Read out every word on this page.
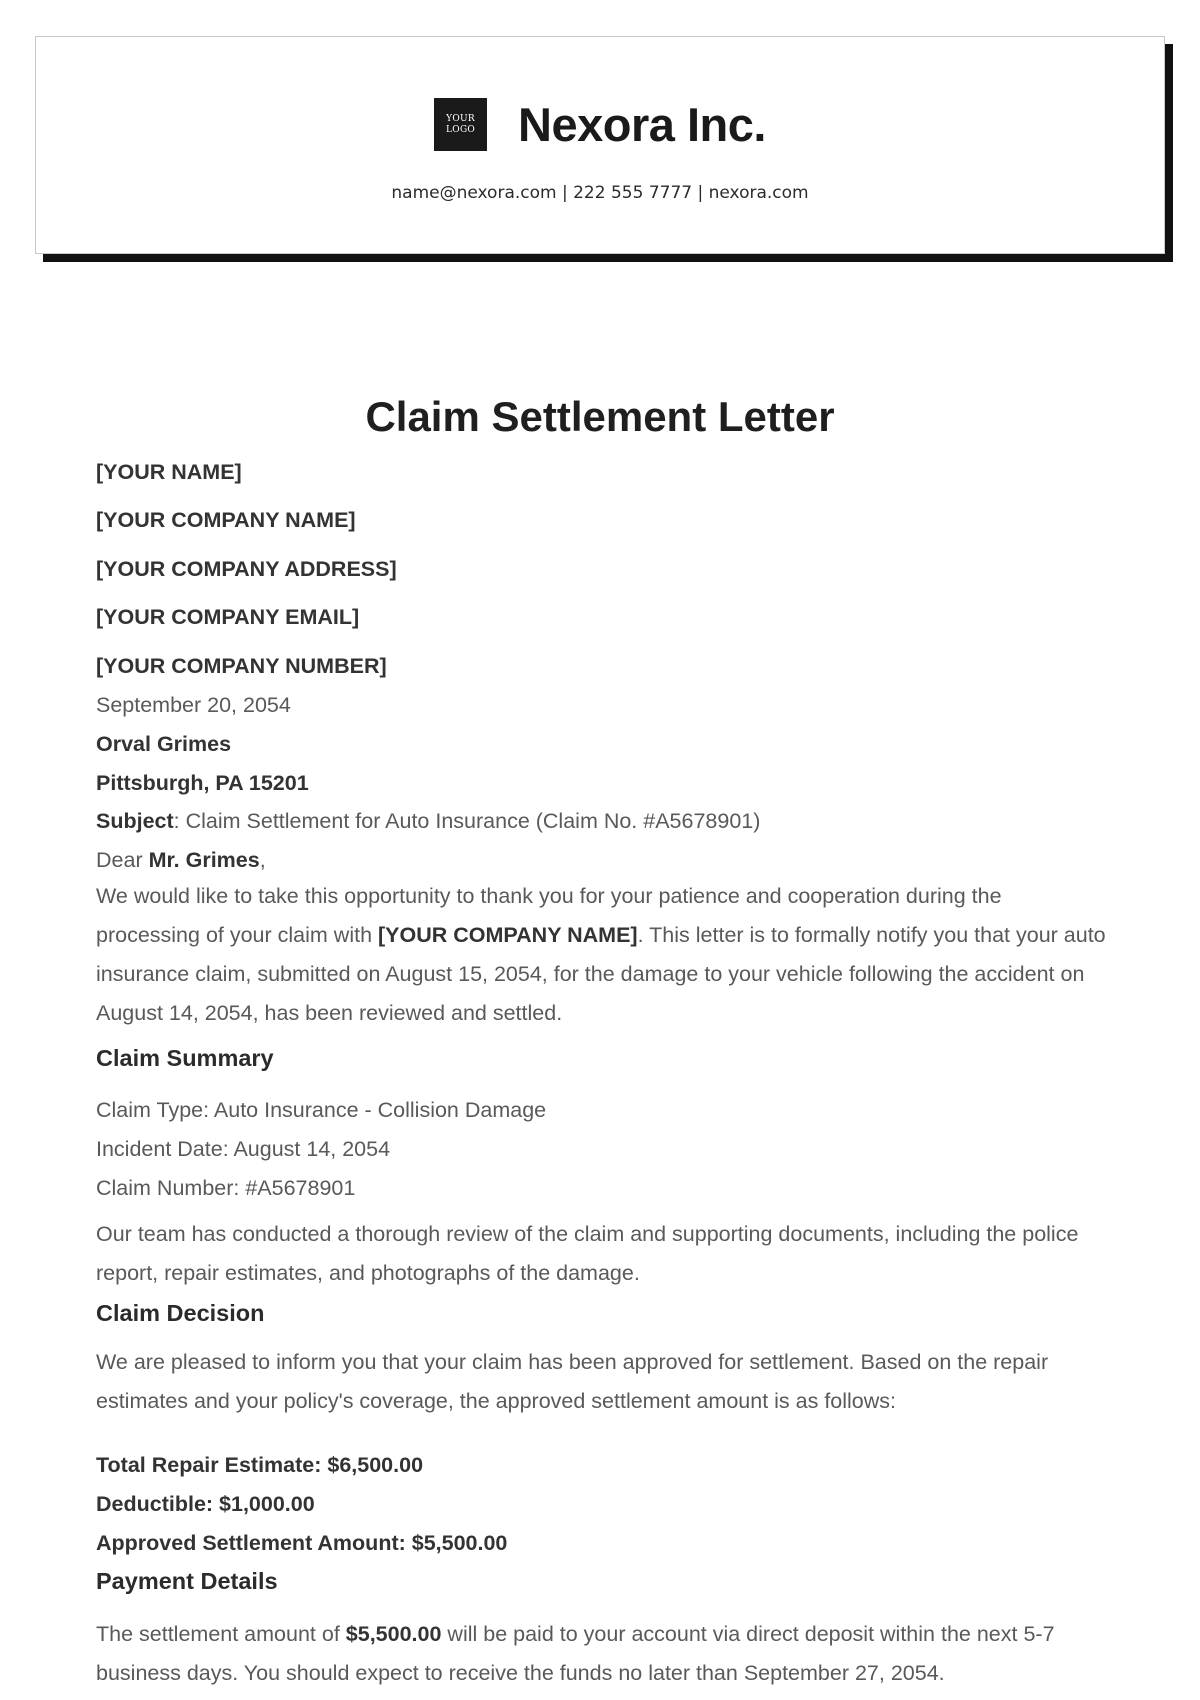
YOUR
LOGO Nexora Inc.
name@nexora.com | 222 555 7777 | nexora.com
Claim Settlement Letter
[YOUR NAME]
[YOUR COMPANY NAME]
[YOUR COMPANY ADDRESS]
[YOUR COMPANY EMAIL]
[YOUR COMPANY NUMBER]
September 20, 2054
Orval Grimes
Pittsburgh, PA 15201
Subject: Claim Settlement for Auto Insurance (Claim No. #A5678901)
Dear Mr. Grimes,
We would like to take this opportunity to thank you for your patience and cooperation during the processing of your claim with [YOUR COMPANY NAME]. This letter is to formally notify you that your auto insurance claim, submitted on August 15, 2054, for the damage to your vehicle following the accident on August 14, 2054, has been reviewed and settled.
Claim Summary
Claim Type: Auto Insurance - Collision Damage
Incident Date: August 14, 2054
Claim Number: #A5678901
Our team has conducted a thorough review of the claim and supporting documents, including the police report, repair estimates, and photographs of the damage.
Claim Decision
We are pleased to inform you that your claim has been approved for settlement. Based on the repair estimates and your policy's coverage, the approved settlement amount is as follows:
Total Repair Estimate: $6,500.00
Deductible: $1,000.00
Approved Settlement Amount: $5,500.00
Payment Details
The settlement amount of $5,500.00 will be paid to your account via direct deposit within the next 5-7 business days. You should expect to receive the funds no later than September 27, 2054.
